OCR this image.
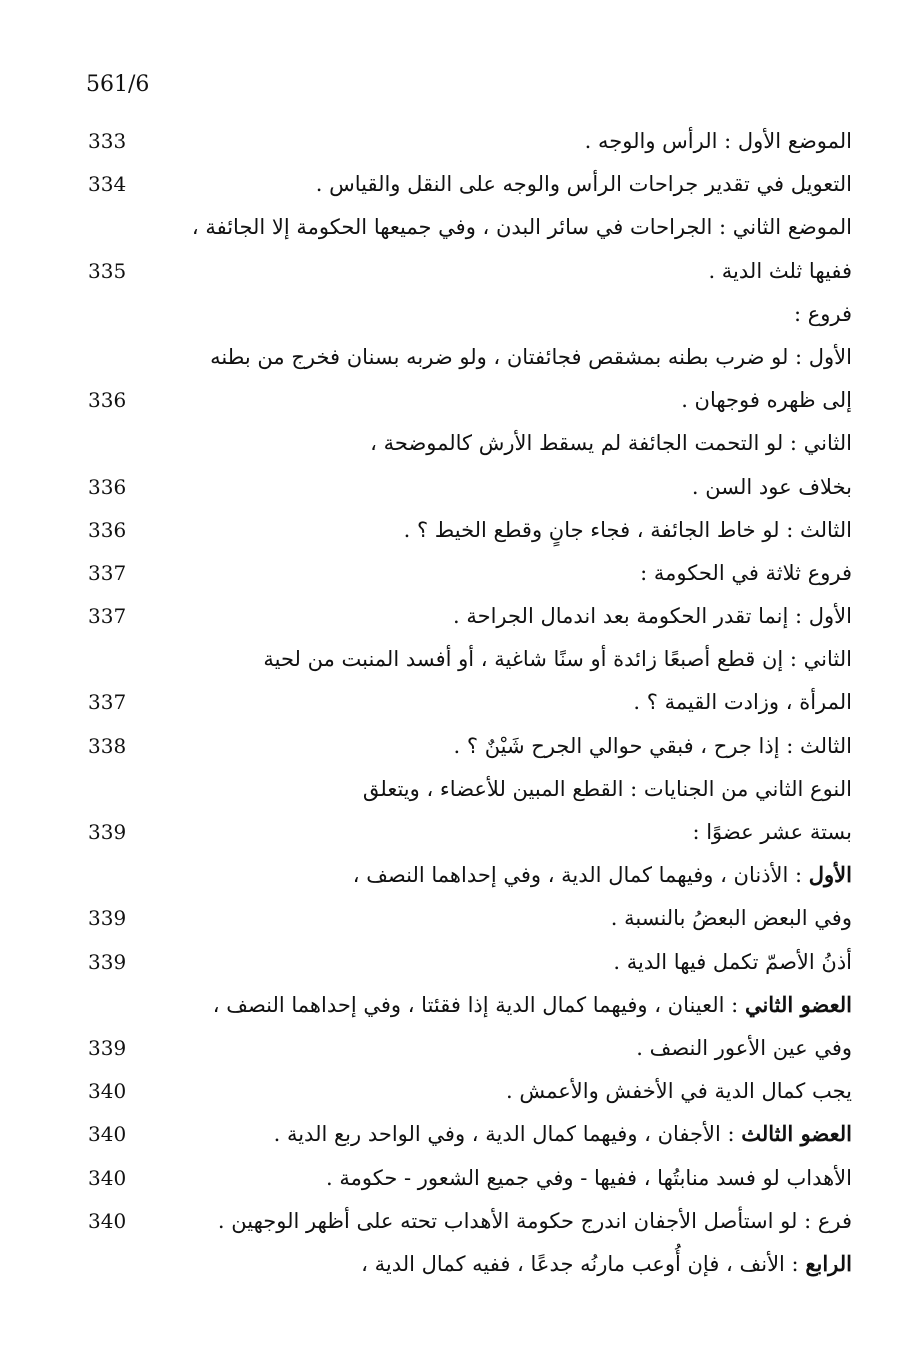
561/6
الموضع الأول : الرأس والوجه .
333
التعويل في تقدير جراحات الرأس والوجه على النقل والقياس .
334
الموضع الثاني : الجراحات في سائر البدن ، وفي جميعها الحكومة إلا الجائفة ،
ففيها ثلث الدية .
335
فروع :
الأول : لو ضرب بطنه بمشقص فجائفتان ، ولو ضربه بسنان فخرج من بطنه
إلى ظهره فوجهان .
336
الثاني : لو التحمت الجائفة لم يسقط الأرش كالموضحة ،
بخلاف عود السن .
336
الثالث : لو خاط الجائفة ، فجاء جانٍ وقطع الخيط ؟ .
336
فروع ثلاثة في الحكومة :
337
الأول : إنما تقدر الحكومة بعد اندمال الجراحة .
337
الثاني : إن قطع أصبعًا زائدة أو سنًا شاغية ، أو أفسد المنبت من لحية
المرأة ، وزادت القيمة ؟ .
337
الثالث : إذا جرح ، فبقي حوالي الجرح شَيْنٌ ؟ .
338
النوع الثاني من الجنايات : القطع المبين للأعضاء ، ويتعلق
بستة عشر عضوًا :
339
الأول : الأذنان ، وفيهما كمال الدية ، وفي إحداهما النصف ،
وفي البعض البعضُ بالنسبة .
339
أذنُ الأصمّ تكمل فيها الدية .
339
العضو الثاني : العينان ، وفيهما كمال الدية إذا فقئتا ، وفي إحداهما النصف ،
وفي عين الأعور النصف .
339
يجب كمال الدية في الأخفش والأعمش .
340
العضو الثالث : الأجفان ، وفيهما كمال الدية ، وفي الواحد ربع الدية .
340
الأهداب لو فسد منابتُها ، ففيها - وفي جميع الشعور - حكومة .
340
فرع : لو استأصل الأجفان اندرج حكومة الأهداب تحته على أظهر الوجهين .
340
الرابع : الأنف ، فإن أُوعب مارنُه جدعًا ، ففيه كمال الدية ،
